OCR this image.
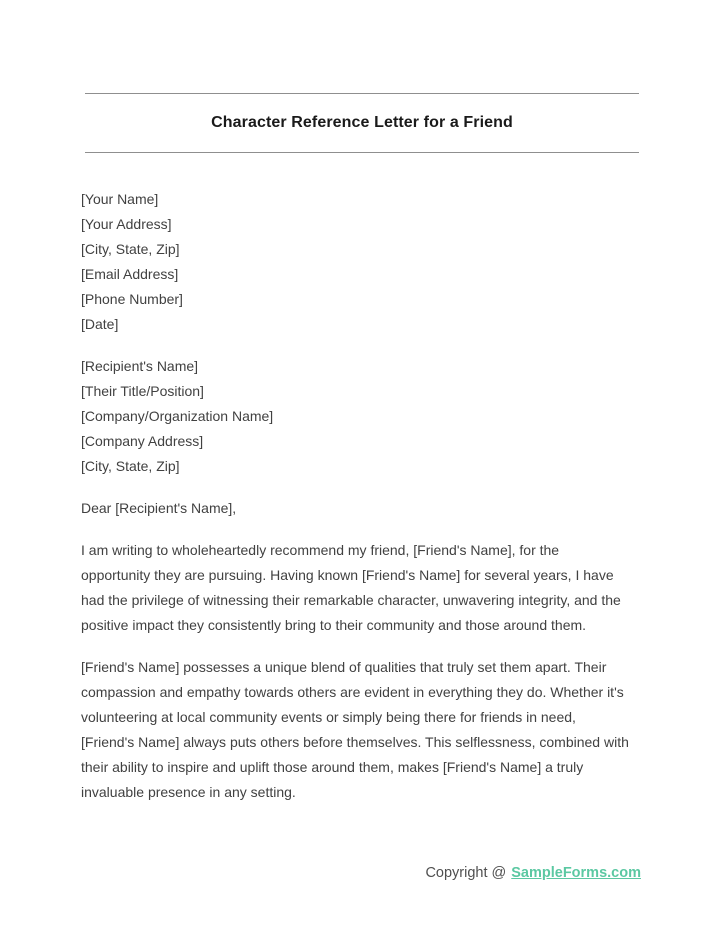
Character Reference Letter for a Friend
[Your Name]
[Your Address]
[City, State, Zip]
[Email Address]
[Phone Number]
[Date]
[Recipient's Name]
[Their Title/Position]
[Company/Organization Name]
[Company Address]
[City, State, Zip]

Dear [Recipient's Name],

I am writing to wholeheartedly recommend my friend, [Friend's Name], for the opportunity they are pursuing. Having known [Friend's Name] for several years, I have had the privilege of witnessing their remarkable character, unwavering integrity, and the positive impact they consistently bring to their community and those around them.

[Friend's Name] possesses a unique blend of qualities that truly set them apart. Their compassion and empathy towards others are evident in everything they do. Whether it's volunteering at local community events or simply being there for friends in need, [Friend's Name] always puts others before themselves. This selflessness, combined with their ability to inspire and uplift those around them, makes [Friend's Name] a truly invaluable presence in any setting.

Copyright @ SampleForms.com
